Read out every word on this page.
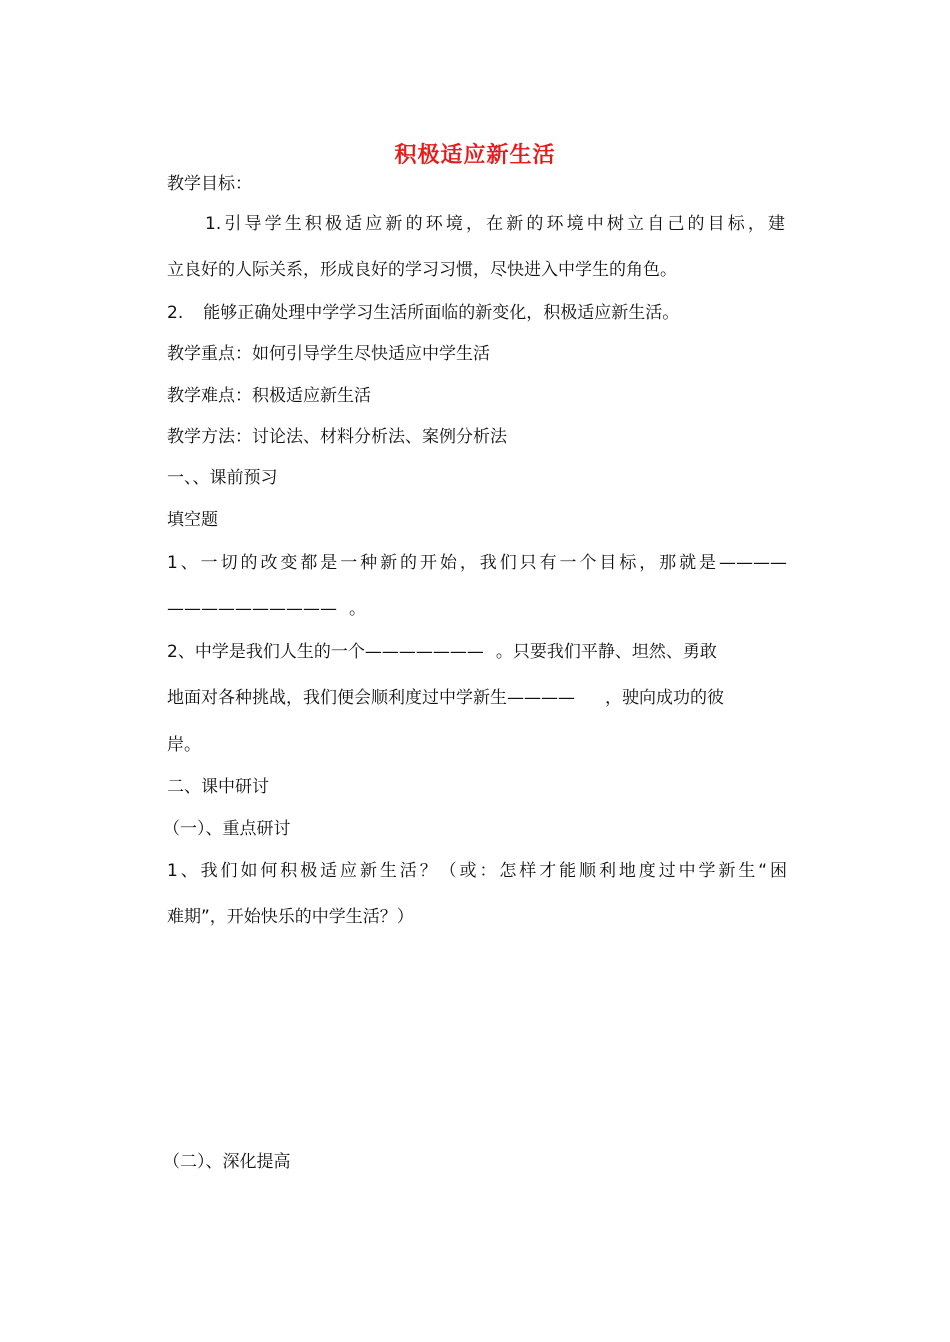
积极适应新生活
教学目标：
1.引导学生积极适应新的环境，在新的环境中树立自己的目标，建
立良好的人际关系，形成良好的学习习惯，尽快进入中学生的角色。
2. 能够正确处理中学学习生活所面临的新变化，积极适应新生活。
教学重点：如何引导学生尽快适应中学生活
教学难点：积极适应新生活
教学方法：讨论法、材料分析法、案例分析法
一、、课前预习
填空题
1、一切的改变都是一种新的开始，我们只有一个目标，那就是————
—————————— 。
2、中学是我们人生的一个——————— 。只要我们平静、坦然、勇敢
地面对各种挑战，我们便会顺利度过中学新生———— ，驶向成功的彼
岸。
二、课中研讨
（一）、重点研讨
1、我们如何积极适应新生活？（或：怎样才能顺利地度过中学新生“困
难期”，开始快乐的中学生活？）
（二）、深化提高
